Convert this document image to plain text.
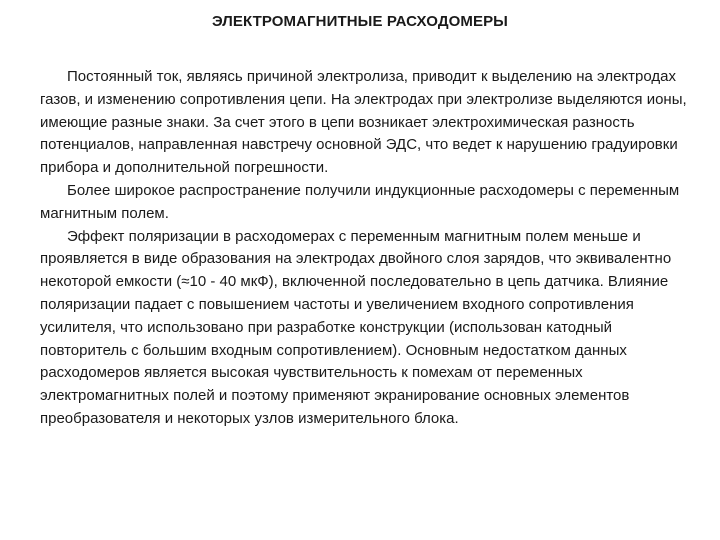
ЭЛЕКТРОМАГНИТНЫЕ РАСХОДОМЕРЫ

Постоянный ток, являясь причиной электролиза, приводит к выделению на электродах газов, и изменению сопротивления цепи. На электродах при электролизе выделяются ионы, имеющие разные знаки. За счет этого в цепи возникает электрохимическая разность потенциалов, направленная навстречу основной ЭДС, что ведет к нарушению градуировки прибора и дополнительной погрешности.

Более широкое распространение получили индукционные расходомеры с переменным магнитным полем.

Эффект поляризации в расходомерах с переменным магнитным полем меньше и проявляется в виде образования на электродах двойного слоя зарядов, что эквивалентно некоторой емкости (≈10 - 40 мкФ), включенной последовательно в цепь датчика. Влияние поляризации падает с повышением частоты и увеличением входного сопротивления усилителя, что использовано при разработке конструкции (использован катодный повторитель с большим входным сопротивлением). Основным недостатком данных расходомеров является высокая чувствительность к помехам от переменных электромагнитных полей и поэтому применяют экранирование основных элементов преобразователя и некоторых узлов измерительного блока.
